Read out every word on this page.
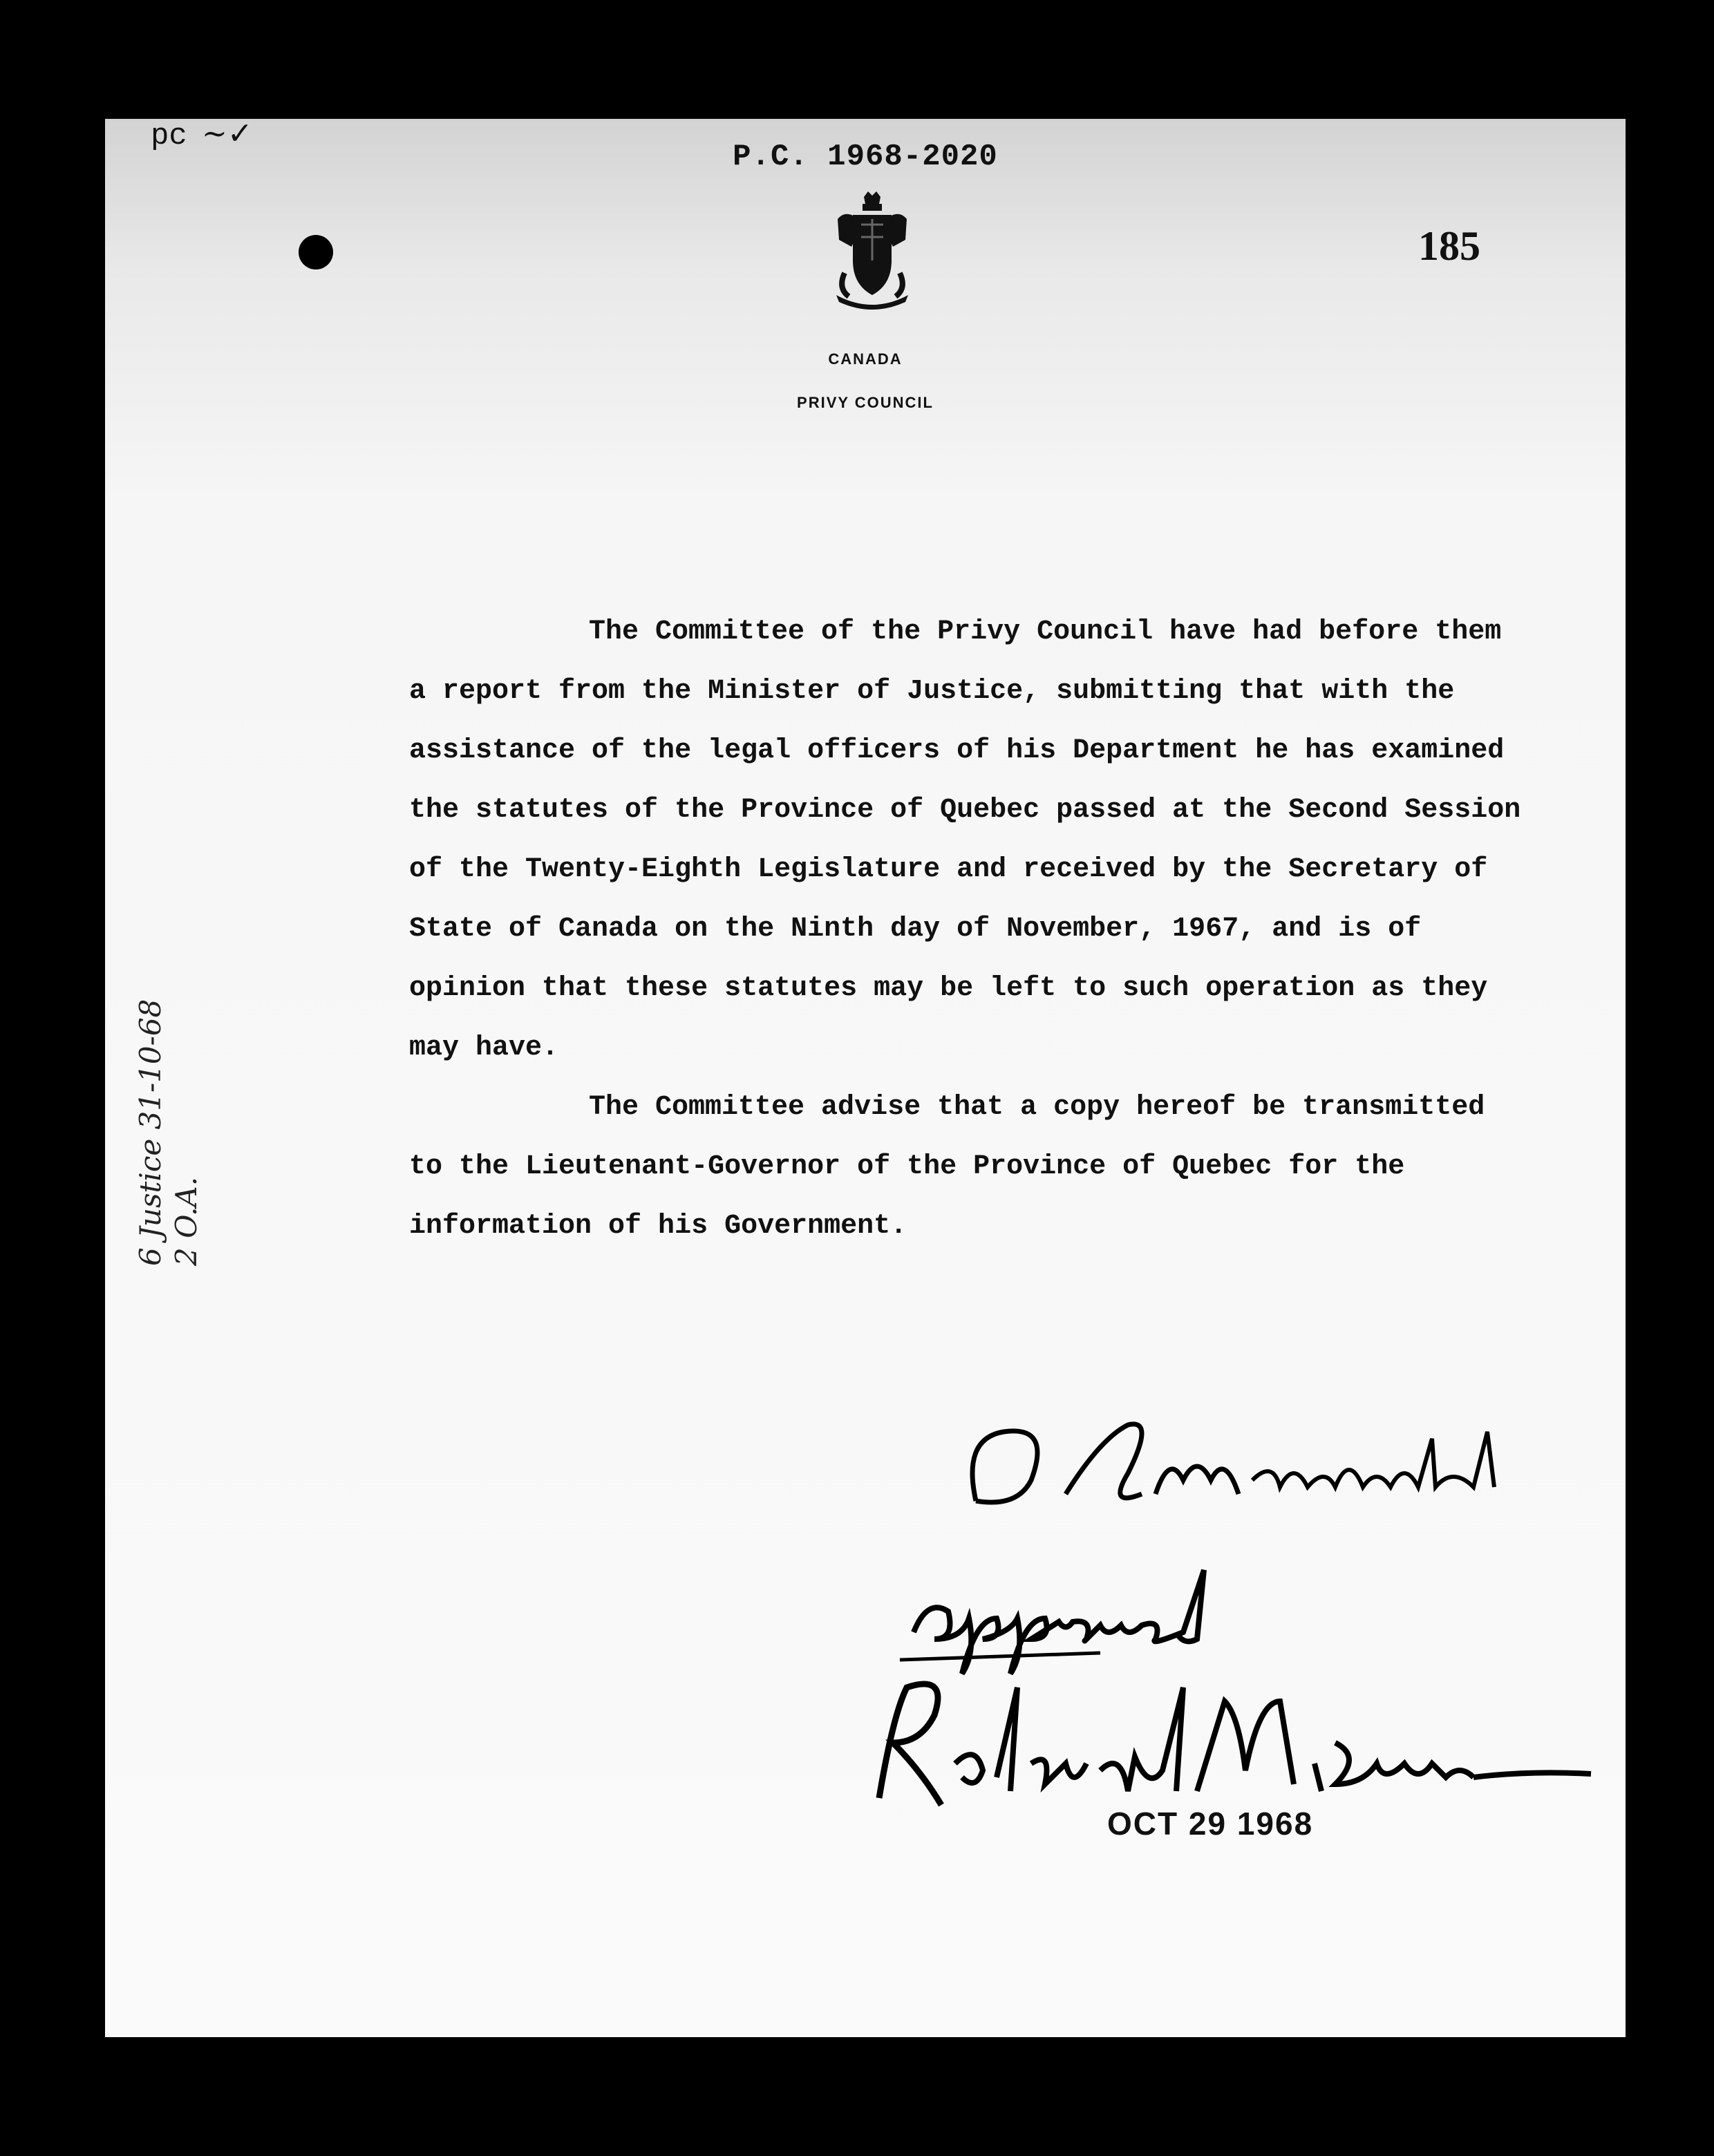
pc ~✓
P.C. 1968-2020
185
CANADA
PRIVY COUNCIL

The Committee of the Privy Council have had before them a report from the Minister of Justice, submitting that with the assistance of the legal officers of his Department he has examined the statutes of the Province of Quebec passed at the Second Session of the Twenty-Eighth Legislature and received by the Secretary of State of Canada on the Ninth day of November, 1967, and is of opinion that these statutes may be left to such operation as they may have.

The Committee advise that a copy hereof be transmitted to the Lieutenant-Governor of the Province of Quebec for the information of his Government.

6 Justice 31-10-68 2 O.A.
OCT 29 1968
